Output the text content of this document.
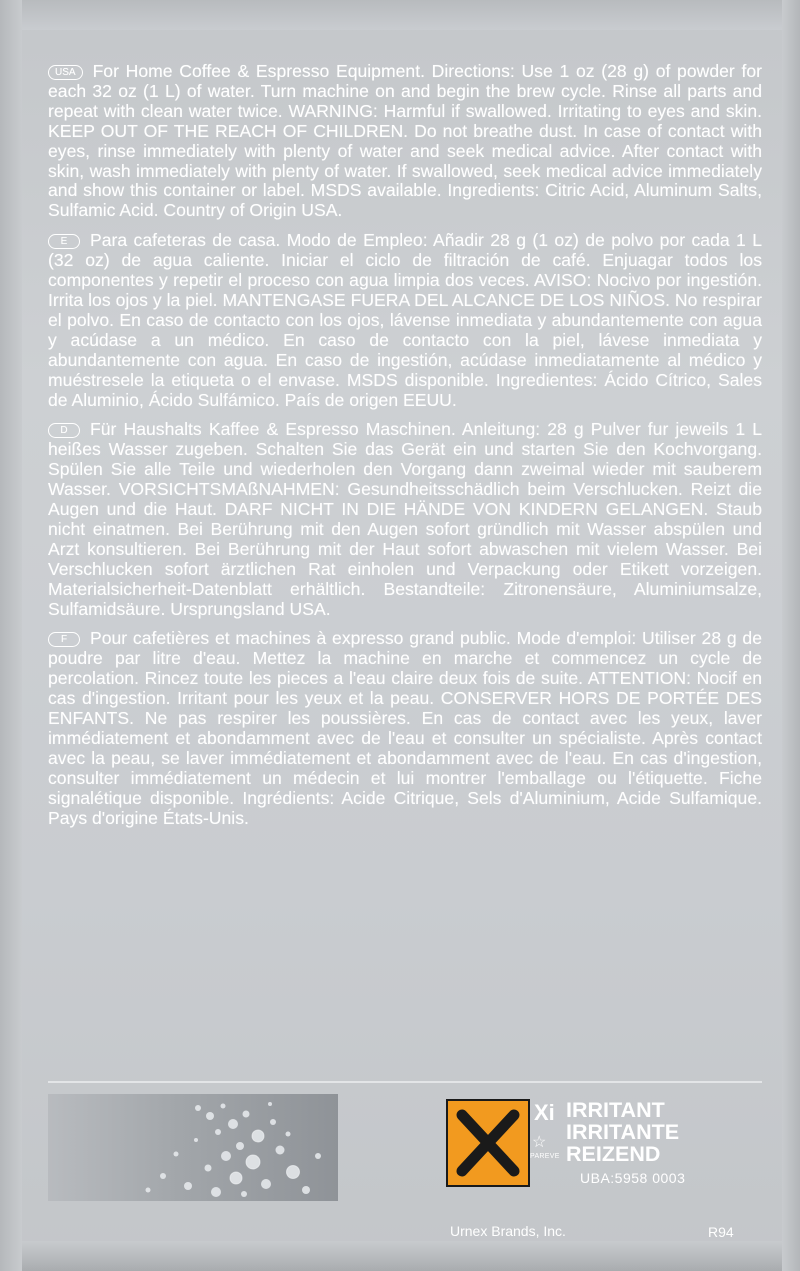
USA For Home Coffee & Espresso Equipment. Directions: Use 1 oz (28 g) of powder for each 32 oz (1 L) of water. Turn machine on and begin the brew cycle. Rinse all parts and repeat with clean water twice. WARNING: Harmful if swallowed. Irritating to eyes and skin. KEEP OUT OF THE REACH OF CHILDREN. Do not breathe dust. In case of contact with eyes, rinse immediately with plenty of water and seek medical advice. After contact with skin, wash immediately with plenty of water. If swallowed, seek medical advice immediately and show this container or label. MSDS available. Ingredients: Citric Acid, Aluminum Salts, Sulfamic Acid. Country of Origin USA.

E Para cafeteras de casa. Modo de Empleo: Añadir 28 g (1 oz) de polvo por cada 1 L (32 oz) de agua caliente. Iniciar el ciclo de filtración de café. Enjuagar todos los componentes y repetir el proceso con agua limpia dos veces. AVISO: Nocivo por ingestión. Irrita los ojos y la piel. MANTENGASE FUERA DEL ALCANCE DE LOS NIÑOS. No respirar el polvo. En caso de contacto con los ojos, lávense inmediata y abundantemente con agua y acúdase a un médico. En caso de contacto con la piel, lávese inmediata y abundantemente con agua. En caso de ingestión, acúdase inmediatamente al médico y muéstresele la etiqueta o el envase. MSDS disponible. Ingredientes: Ácido Cítrico, Sales de Aluminio, Ácido Sulfámico. País de origen EEUU.

D Für Haushalts Kaffee & Espresso Maschinen. Anleitung: 28 g Pulver fur jeweils 1 L heißes Wasser zugeben. Schalten Sie das Gerät ein und starten Sie den Kochvorgang. Spülen Sie alle Teile und wiederholen den Vorgang dann zweimal wieder mit sauberem Wasser. VORSICHTSMAßNAHMEN: Gesundheitsschädlich beim Verschlucken. Reizt die Augen und die Haut. DARF NICHT IN DIE HÄNDE VON KINDERN GELANGEN. Staub nicht einatmen. Bei Berührung mit den Augen sofort gründlich mit Wasser abspülen und Arzt konsultieren. Bei Berührung mit der Haut sofort abwaschen mit vielem Wasser. Bei Verschlucken sofort ärztlichen Rat einholen und Verpackung oder Etikett vorzeigen. Materialsicherheit-Datenblatt erhältlich. Bestandteile: Zitronensäure, Aluminiumsalze, Sulfamidsäure. Ursprungsland USA.

F Pour cafetières et machines à expresso grand public. Mode d'emploi: Utiliser 28 g de poudre par litre d'eau. Mettez la machine en marche et commencez un cycle de percolation. Rincez toute les pieces a l'eau claire deux fois de suite. ATTENTION: Nocif en cas d'ingestion. Irritant pour les yeux et la peau. CONSERVER HORS DE PORTÉE DES ENFANTS. Ne pas respirer les poussières. En cas de contact avec les yeux, laver immédiatement et abondamment avec de l'eau et consulter un spécialiste. Après contact avec la peau, se laver immédiatement et abondamment avec de l'eau. En cas d'ingestion, consulter immédiatement un médecin et lui montrer l'emballage ou l'étiquette. Fiche signalétique disponible. Ingrédients: Acide Citrique, Sels d'Aluminium, Acide Sulfamique. Pays d'origine États-Unis.

Xi
☆
PAREVE
IRRITANT
IRRITANTE
REIZEND
UBA:5958 0003
Urnex Brands, Inc.	R94
